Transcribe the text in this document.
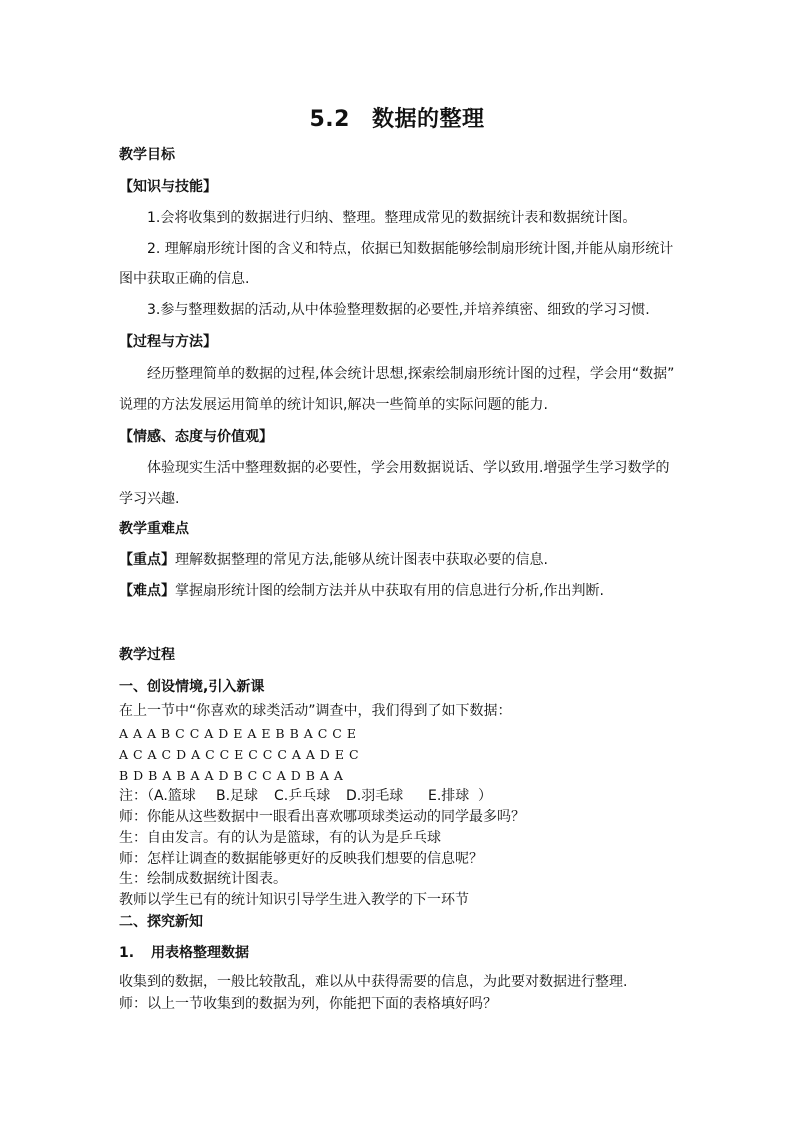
5.2 数据的整理
教学目标
【知识与技能】
1.会将收集到的数据进行归纳、整理。整理成常见的数据统计表和数据统计图。
2. 理解扇形统计图的含义和特点，依据已知数据能够绘制扇形统计图,并能从扇形统计
图中获取正确的信息.
3.参与整理数据的活动,从中体验整理数据的必要性,并培养缜密、细致的学习习惯.
【过程与方法】
经历整理简单的数据的过程,体会统计思想,探索绘制扇形统计图的过程，学会用“数据”
说理的方法发展运用简单的统计知识,解决一些简单的实际问题的能力.
【情感、态度与价值观】
体验现实生活中整理数据的必要性，学会用数据说话、学以致用.增强学生学习数学的
学习兴趣.
教学重难点
【重点】理解数据整理的常见方法,能够从统计图表中获取必要的信息.
【难点】掌握扇形统计图的绘制方法并从中获取有用的信息进行分析,作出判断.
教学过程
一、创设情境,引入新课
在上一节中“你喜欢的球类活动”调查中，我们得到了如下数据：
A A A B C C A D E A E B B A C C E
A C A C D A C C E C C C A A D E C
B D B A B A A D B C C A D B A A
注：（A.篮球 B.足球 C.乒乓球 D.羽毛球 E.排球 ）
师：你能从这些数据中一眼看出喜欢哪项球类运动的同学最多吗？
生：自由发言。有的认为是篮球，有的认为是乒乓球
师：怎样让调查的数据能够更好的反映我们想要的信息呢？
生：绘制成数据统计图表。
教师以学生已有的统计知识引导学生进入教学的下一环节
二、探究新知
1. 用表格整理数据
收集到的数据，一般比较散乱，难以从中获得需要的信息，为此要对数据进行整理.
师：以上一节收集到的数据为列，你能把下面的表格填好吗？
